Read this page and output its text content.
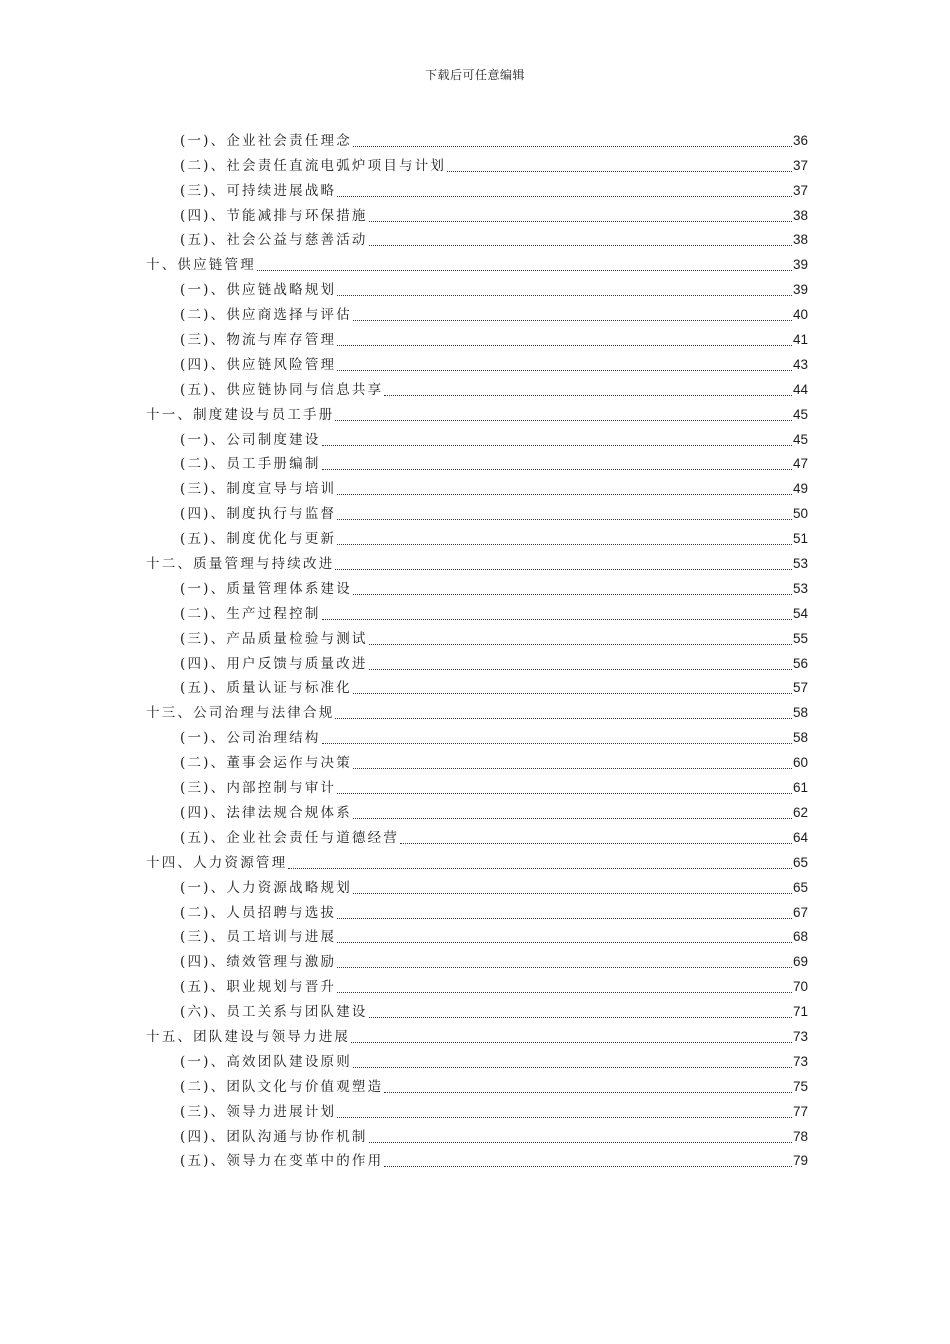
下载后可任意编辑
(一)、企业社会责任理念	36
(二)、社会责任直流电弧炉项目与计划	37
(三)、可持续进展战略	37
(四)、节能减排与环保措施	38
(五)、社会公益与慈善活动	38
十、供应链管理	39
(一)、供应链战略规划	39
(二)、供应商选择与评估	40
(三)、物流与库存管理	41
(四)、供应链风险管理	43
(五)、供应链协同与信息共享	44
十一、制度建设与员工手册	45
(一)、公司制度建设	45
(二)、员工手册编制	47
(三)、制度宣导与培训	49
(四)、制度执行与监督	50
(五)、制度优化与更新	51
十二、质量管理与持续改进	53
(一)、质量管理体系建设	53
(二)、生产过程控制	54
(三)、产品质量检验与测试	55
(四)、用户反馈与质量改进	56
(五)、质量认证与标准化	57
十三、公司治理与法律合规	58
(一)、公司治理结构	58
(二)、董事会运作与决策	60
(三)、内部控制与审计	61
(四)、法律法规合规体系	62
(五)、企业社会责任与道德经营	64
十四、人力资源管理	65
(一)、人力资源战略规划	65
(二)、人员招聘与选拔	67
(三)、员工培训与进展	68
(四)、绩效管理与激励	69
(五)、职业规划与晋升	70
(六)、员工关系与团队建设	71
十五、团队建设与领导力进展	73
(一)、高效团队建设原则	73
(二)、团队文化与价值观塑造	75
(三)、领导力进展计划	77
(四)、团队沟通与协作机制	78
(五)、领导力在变革中的作用	79
